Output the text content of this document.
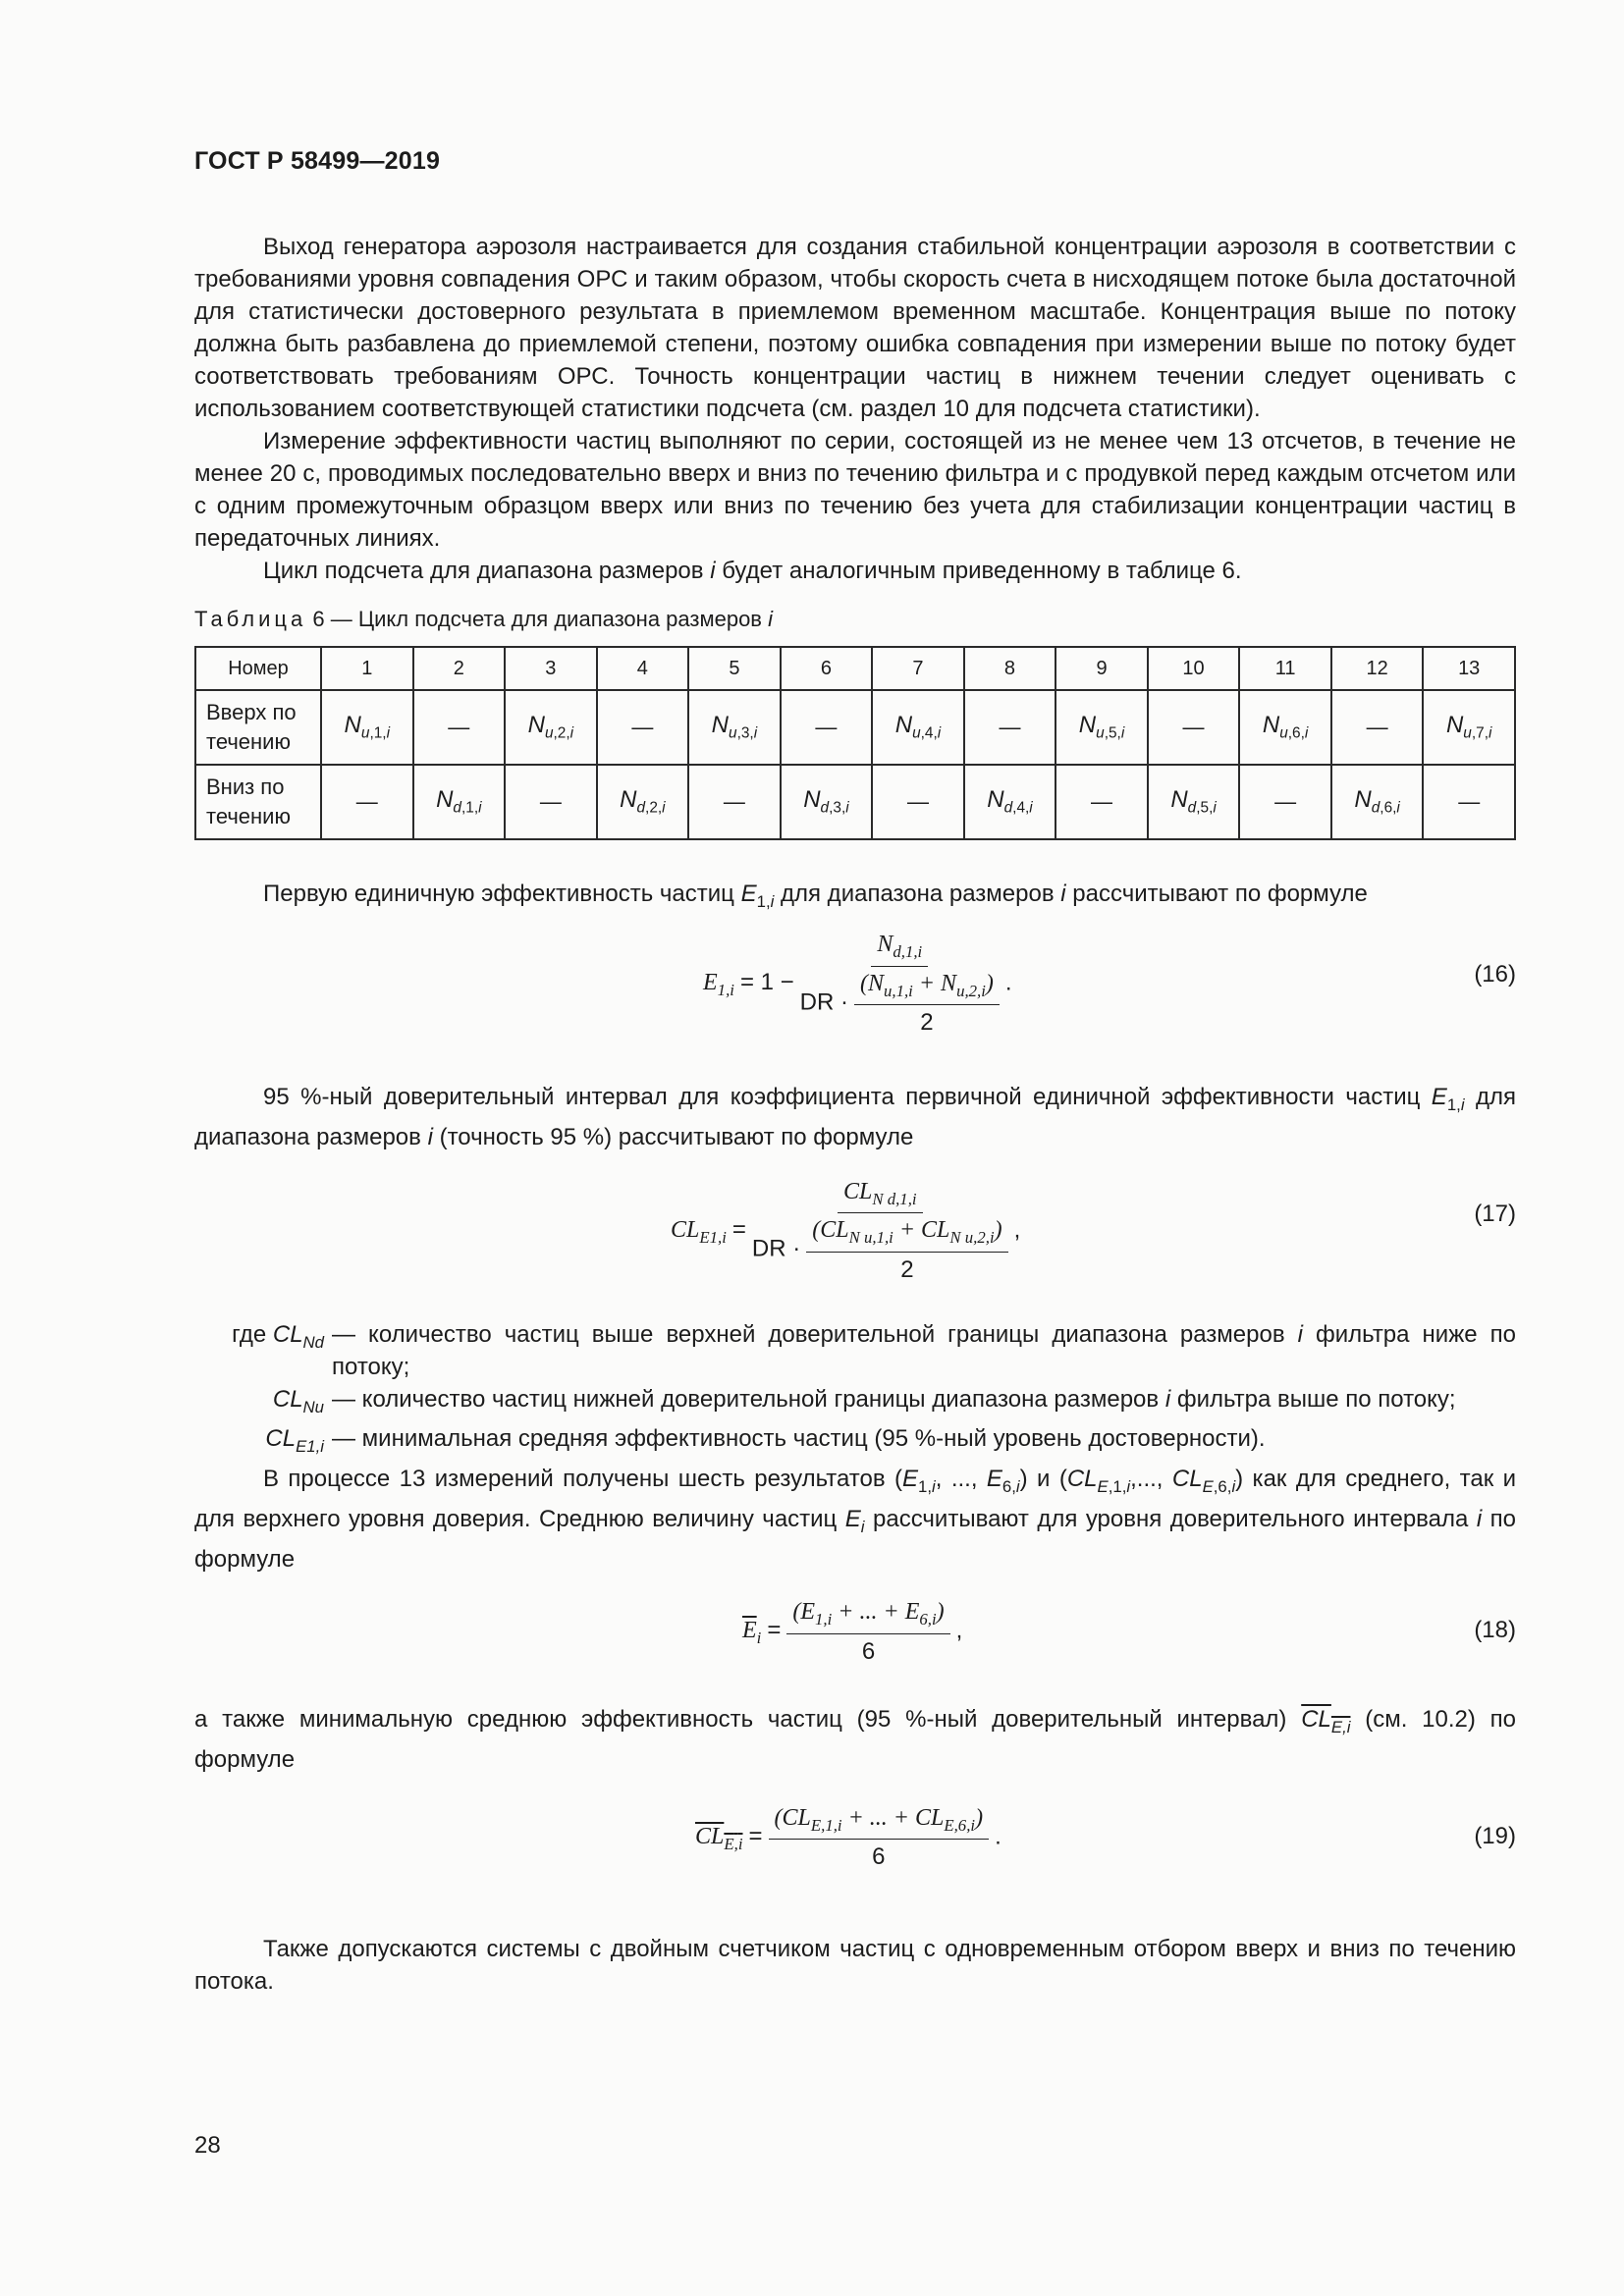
ГОСТ Р 58499—2019

Выход генератора аэрозоля настраивается для создания стабильной концентрации аэрозоля в соответствии с требованиями уровня совпадения ОРС и таким образом, чтобы скорость счета в нисходящем потоке была достаточной для статистически достоверного результата в приемлемом временном масштабе. Концентрация выше по потоку должна быть разбавлена до приемлемой степени, поэтому ошибка совпадения при измерении выше по потоку будет соответствовать требованиям ОРС. Точность концентрации частиц в нижнем течении следует оценивать с использованием соответствующей статистики подсчета (см. раздел 10 для подсчета статистики).

Измерение эффективности частиц выполняют по серии, состоящей из не менее чем 13 отсчетов, в течение не менее 20 с, проводимых последовательно вверх и вниз по течению фильтра и с продувкой перед каждым отсчетом или с одним промежуточным образцом вверх или вниз по течению без учета для стабилизации концентрации частиц в передаточных линиях.

Цикл подсчета для диапазона размеров i будет аналогичным приведенному в таблице 6.

Таблица 6 — Цикл подсчета для диапазона размеров i
Номер	1	2	3	4	5	6	7	8	9	10	11	12	13
Вверх по течению	$N_{u,1,i}$	—	$N_{u,2,i}$	—	$N_{u,3,i}$	—	$N_{u,4,i}$	—	$N_{u,5,i}$	—	$N_{u,6,i}$	—	$N_{u,7,i}$
Вниз по течению	—	$N_{d,1,i}$	—	$N_{d,2,i}$	—	$N_{d,3,i}$	—	$N_{d,4,i}$	—	$N_{d,5,i}$	—	$N_{d,6,i}$	—

Первую единичную эффективность частиц $E_{1,i}$ для диапазона размеров i рассчитывают по формуле

$E_{1,i} = 1 - \frac{N_{d,1,i}}{DR \cdot \frac{(N_{u,1,i} + N_{u,2,i})}{2}}$ .	(16)

95 %-ный доверительный интервал для коэффициента первичной единичной эффективности частиц $E_{1,i}$ для диапазона размеров i (точность 95 %) рассчитывают по формуле

$CL_{E1,i}$ =
$CL_{N d,1,i}$
DR · $\frac{(CL_{N u,1,i} + CL_{N u,2,i})}{2}$ ,
(17)
где $CL_{Nd}$ — количество частиц выше верхней доверительной границы диапазона размеров i фильтра ниже по потоку;
$CL_{Nu}$ — количество частиц нижней доверительной границы диапазона размеров i фильтра выше по потоку;
$CL_{E1,i}$ — минимальная средняя эффективность частиц (95 %-ный уровень достоверности).

В процессе 13 измерений получены шесть результатов ($E_{1,i}$, ..., $E_{6,i}$) и ($CL_{E,1,i}$,..., $CL_{E,6,i}$) как для среднего, так и для верхнего уровня доверия. Среднюю величину частиц $E_i$ рассчитывают для уровня доверительного интервала i по формуле

$\overline{E}_i = \frac{(E_{1,i} + ... + E_{6,i})}{6}$ ,	(18)

а также минимальную среднюю эффективность частиц (95 %-ный доверительный интервал) $CL_{E,i}$ (см. 10.2) по формуле

$CL_{E,i} = \frac{(CL_{E,1,i} + ... + CL_{E,6,i})}{6}$ .	(19)

Также допускаются системы с двойным счетчиком частиц с одновременным отбором вверх и вниз по течению потока.

28
